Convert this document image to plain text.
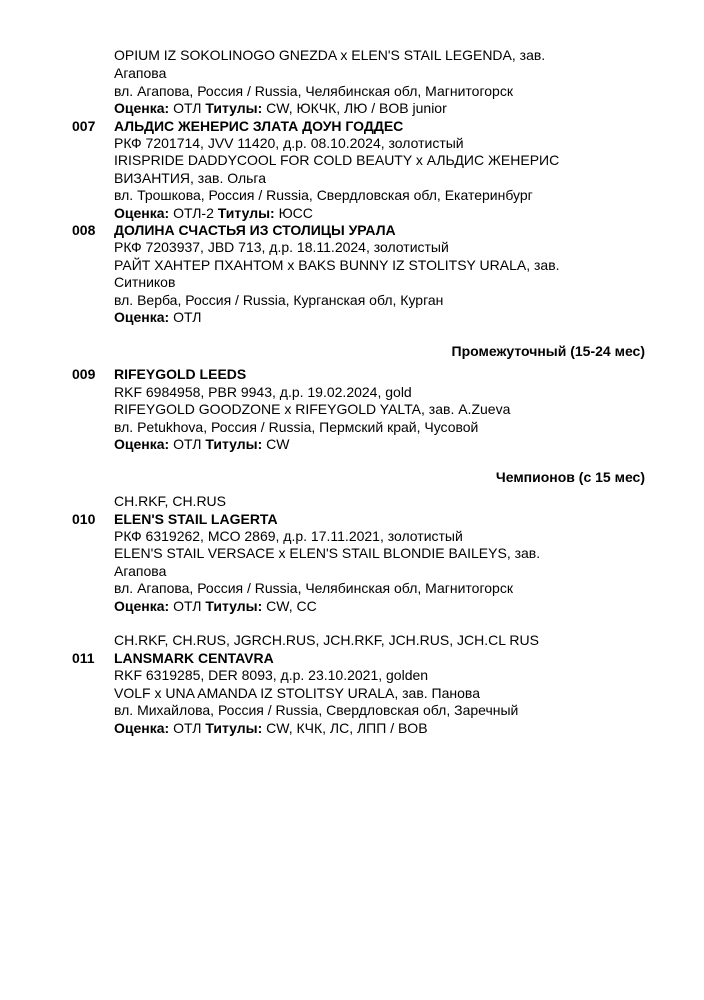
OPIUM IZ SOKOLINOGO GNEZDA x ELEN'S STAIL LEGENDA, зав.
Агапова
вл. Агапова, Россия / Russia, Челябинская обл, Магнитогорск
Оценка: ОТЛ Титулы: CW, ЮКЧК, ЛЮ / BOB junior
007 АЛЬДИС ЖЕНЕРИС ЗЛАТА ДОУН ГОДДЕС
РКФ 7201714, JVV 11420, д.р. 08.10.2024, золотистый
IRISPRIDE DADDYCOOL FOR COLD BEAUTY x АЛЬДИС ЖЕНЕРИС
ВИЗАНТИЯ, зав. Ольга
вл. Трошкова, Россия / Russia, Свердловская обл, Екатеринбург
Оценка: ОТЛ-2 Титулы: ЮСС
008 ДОЛИНА СЧАСТЬЯ ИЗ СТОЛИЦЫ УРАЛА
РКФ 7203937, JBD 713, д.р. 18.11.2024, золотистый
РАЙТ ХАНТЕР ПХАНТОМ x BAKS BUNNY IZ STOLITSY URALA, зав.
Ситников
вл. Верба, Россия / Russia, Курганская обл, Курган
Оценка: ОТЛ
Промежуточный (15-24 мес)
009 RIFEYGOLD LEEDS
RKF 6984958, PBR 9943, д.р. 19.02.2024, gold
RIFEYGOLD GOODZONE x RIFEYGOLD YALTA, зав. A.Zueva
вл. Petukhova, Россия / Russia, Пермский край, Чусовой
Оценка: ОТЛ Титулы: CW
Чемпионов (с 15 мес)
CH.RKF, CH.RUS
010 ELEN'S STAIL LAGERTA
РКФ 6319262, MCO 2869, д.р. 17.11.2021, золотистый
ELEN'S STAIL VERSACE x ELEN'S STAIL BLONDIE BAILEYS, зав.
Агапова
вл. Агапова, Россия / Russia, Челябинская обл, Магнитогорск
Оценка: ОТЛ Титулы: CW, CC
CH.RKF, CH.RUS, JGRCH.RUS, JCH.RKF, JCH.RUS, JCH.CL RUS
011 LANSMARK CENTAVRA
RKF 6319285, DER 8093, д.р. 23.10.2021, golden
VOLF x UNA AMANDA IZ STOLITSY URALA, зав. Панова
вл. Михайлова, Россия / Russia, Свердловская обл, Заречный
Оценка: ОТЛ Титулы: CW, КЧК, ЛС, ЛПП / BOB
